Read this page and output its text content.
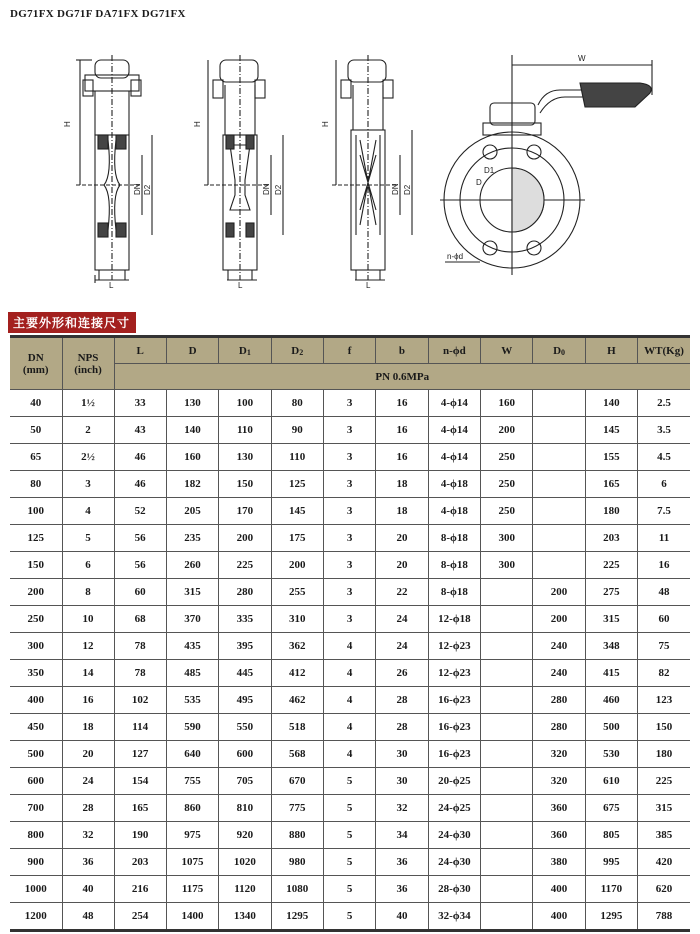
DG71FX DG71F DA71FX DG71FX
H
L
DN D2
H
L
DN D2
H
L
DN D2
W
D
D1
n-ϕd
主要外形和连接尺寸
DN
(mm)	NPS
(inch)	L	D	$D_1$	$D_2$	f	b	n-ϕd	W	$D_0$	H	WT(Kg)
		PN 0.6MPa										
40	1½	33	130	100	80	3	16	4-ϕ14	160		140	2.5
50	2	43	140	110	90	3	16	4-ϕ14	200		145	3.5
65	2½	46	160	130	110	3	16	4-ϕ14	250		155	4.5
80	3	46	182	150	125	3	18	4-ϕ18	250		165	6
100	4	52	205	170	145	3	18	4-ϕ18	250		180	7.5
125	5	56	235	200	175	3	20	8-ϕ18	300		203	11
150	6	56	260	225	200	3	20	8-ϕ18	300		225	16
200	8	60	315	280	255	3	22	8-ϕ18		200	275	48
250	10	68	370	335	310	3	24	12-ϕ18		200	315	60
300	12	78	435	395	362	4	24	12-ϕ23		240	348	75
350	14	78	485	445	412	4	26	12-ϕ23		240	415	82
400	16	102	535	495	462	4	28	16-ϕ23		280	460	123
450	18	114	590	550	518	4	28	16-ϕ23		280	500	150
500	20	127	640	600	568	4	30	16-ϕ23		320	530	180
600	24	154	755	705	670	5	30	20-ϕ25		320	610	225
700	28	165	860	810	775	5	32	24-ϕ25		360	675	315
800	32	190	975	920	880	5	34	24-ϕ30		360	805	385
900	36	203	1075	1020	980	5	36	24-ϕ30		380	995	420
1000	40	216	1175	1120	1080	5	36	28-ϕ30		400	1170	620
1200	48	254	1400	1340	1295	5	40	32-ϕ34		400	1295	788
